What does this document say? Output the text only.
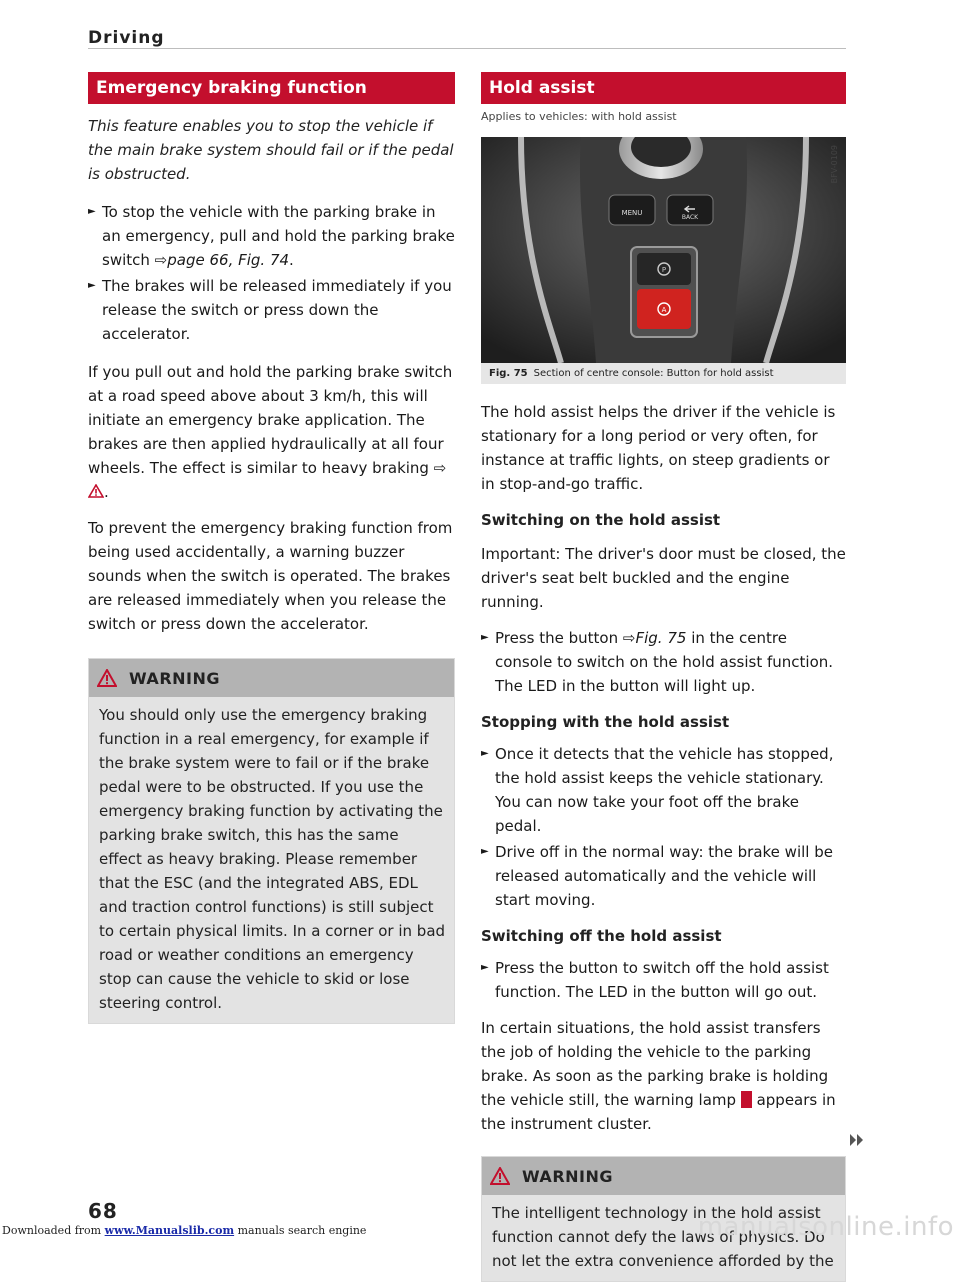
Driving
Emergency braking function
This feature enables you to stop the vehicle if the main brake system should fail or if the pedal is obstructed.
► To stop the vehicle with the parking brake in an emergency, pull and hold the parking brake switch ⇨page 66, Fig. 74.
► The brakes will be released immediately if you release the switch or press down the accelerator.

If you pull out and hold the parking brake switch at a road speed above about 3 km/h, this will initiate an emergency brake application. The brakes are then applied hydraulically at all four wheels. The effect is similar to heavy braking ⇨ .

To prevent the emergency braking function from being used accidentally, a warning buzzer sounds when the switch is operated. The brakes are released immediately when you release the switch or press down the accelerator.

WARNING
You should only use the emergency braking function in a real emergency, for example if the brake system were to fail or if the brake pedal were to be obstructed. If you use the emergency braking function by activating the parking brake switch, this has the same effect as heavy braking. Please remember that the ESC (and the integrated ABS, EDL and traction control functions) is still subject to certain physical limits. In a corner or in bad road or weather conditions an emergency stop can cause the vehicle to skid or lose steering control.
Hold assist
Applies to vehicles: with hold assist
MENU
BACK
P
A
BFV-0109
Fig. 75 Section of centre console: Button for hold assist

The hold assist helps the driver if the vehicle is stationary for a long period or very often, for instance at traffic lights, on steep gradients or in stop-and-go traffic.

Switching on the hold assist

Important: The driver's door must be closed, the driver's seat belt buckled and the engine running.

► Press the button ⇨Fig. 75 in the centre console to switch on the hold assist function. The LED in the button will light up.
Stopping with the hold assist
► Once it detects that the vehicle has stopped, the hold assist keeps the vehicle stationary. You can now take your foot off the brake pedal.
► Drive off in the normal way: the brake will be released automatically and the vehicle will start moving.
Switching off the hold assist
► Press the button to switch off the hold assist function. The LED in the button will go out.

In certain situations, the hold assist transfers the job of holding the vehicle to the parking brake. As soon as the parking brake is holding the vehicle still, the warning lamp appears in the instrument cluster.

WARNING
The intelligent technology in the hold assist function cannot defy the laws of physics. Do not let the extra convenience afforded by the
68
Downloaded from www.Manualslib.com manuals search engine	manualsonline.info
